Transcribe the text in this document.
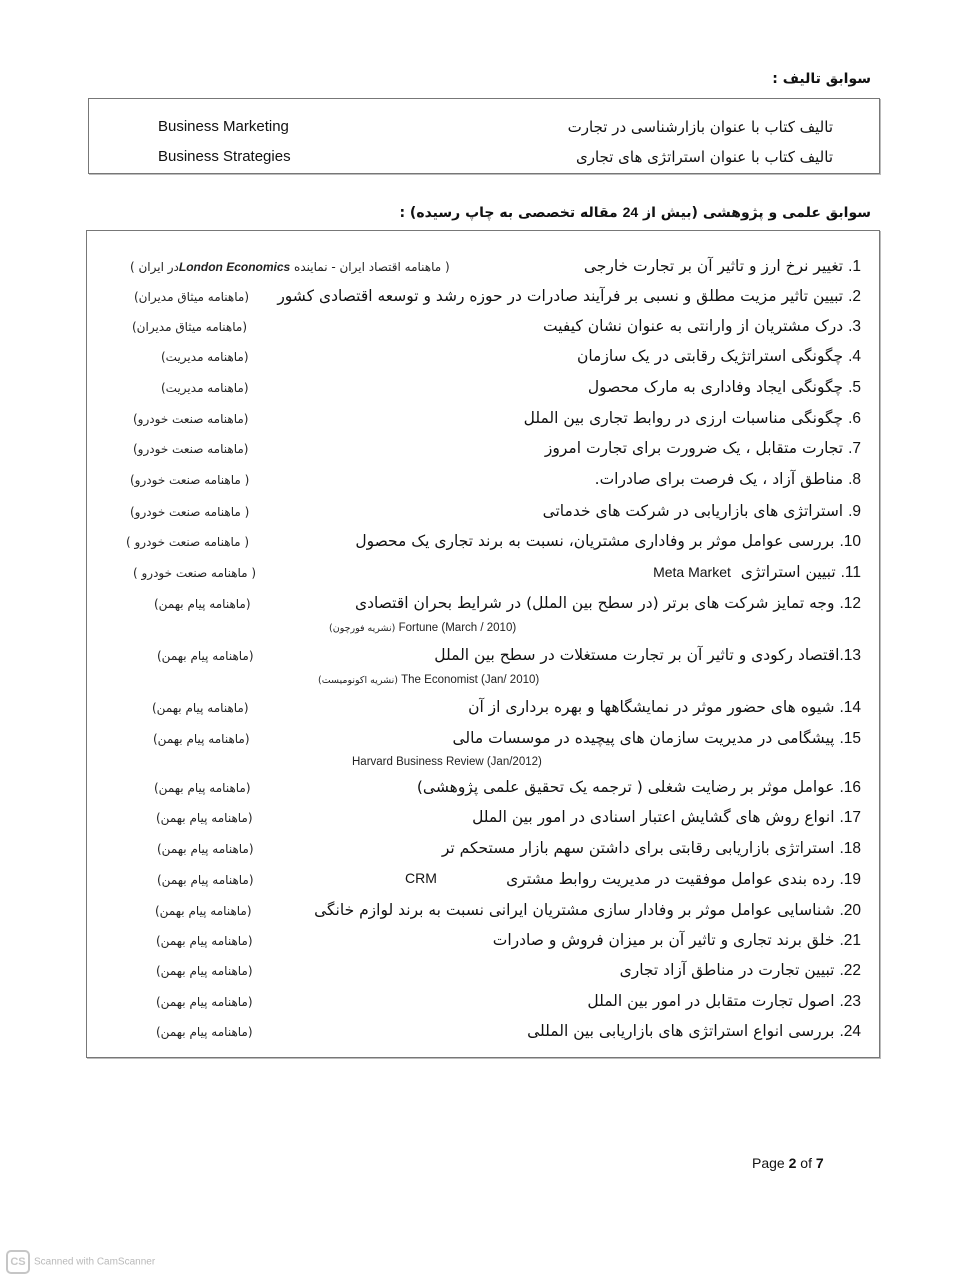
سوابق تالیف :
تالیف کتاب با عنوان بازارشناسی در تجارت
Business Marketing
تالیف کتاب با عنوان استراتژی های تجاری
Business Strategies
سوابق علمی و پژوهشی (بیش از 24 مقاله تخصصی به چاپ رسیده) :
1. تغییر نرخ ارز و تاثیر آن بر تجارت خارجی
( ماهنامه اقتصاد ایران - نماینده London Economicsدر ایران )
2. تبیین تاثیر مزیت مطلق و نسبی بر فرآیند صادرات در حوزه رشد و توسعه اقتصادی کشور
(ماهنامه میثاق مدیران)
3. درک مشتریان از وارانتی به عنوان نشان کیفیت
(ماهنامه میثاق مدیران)
4. چگونگی استراتژیک رقابتی در یک سازمان
(ماهنامه مدیریت)
5. چگونگی ایجاد وفاداری به مارک محصول
(ماهنامه مدیریت)
6. چگونگی مناسبات ارزی در روابط تجاری بین الملل
(ماهنامه صنعت خودرو)
7. تجارت متقابل ، یک ضرورت برای تجارت امروز
(ماهنامه صنعت خودرو)
8. مناطق آزاد ، یک فرصت برای صادرات.
( ماهنامه صنعت خودرو)
9. استراتژی های بازاریابی در شرکت های خدماتی
( ماهنامه صنعت خودرو)
10. بررسی عوامل موثر بر وفاداری مشتریان، نسبت به برند تجاری یک محصول
( ماهنامه صنعت خودرو )
11. تبیین استراتژی  Meta Market
( ماهنامه صنعت خودرو )
12. وجه تمایز شرکت های برتر (در سطح بین الملل) در شرایط بحران اقتصادی
(ماهنامه پیام بهمن)
(نشریه فورچون) Fortune (March / 2010)
13.اقتصاد رکودی و تاثیر آن بر تجارت مستغلات در سطح بین الملل
(ماهنامه پیام بهمن)
(نشریه اکونومیست) The Economist (Jan/ 2010)
14. شیوه های حضور موثر در نمایشگاهها و بهره برداری از آن
(ماهنامه پیام بهمن)
15. پیشگامی در مدیریت سازمان های پیچیده در موسسات مالی
(ماهنامه پیام بهمن)
Harvard Business Review (Jan/2012)
16. عوامل موثر بر رضایت شغلی ( ترجمه یک تحقیق علمی پژوهشی)
(ماهنامه پیام بهمن)
17. انواع روش های گشایش اعتبار اسنادی در امور بین الملل
(ماهنامه پیام بهمن)
18. استراتژی بازاریابی رقابتی برای داشتن سهم بازار مستحکم تر
(ماهنامه پیام بهمن)
19. رده بندی عوامل موفقیت در مدیریت روابط مشتری
CRM
(ماهنامه پیام بهمن)
20. شناسایی عوامل موثر بر وفادار سازی مشتریان ایرانی نسبت به برند لوازم خانگی
(ماهنامه پیام بهمن)
21. خلق برند تجاری و تاثیر آن بر میزان فروش و صادرات
(ماهنامه پیام بهمن)
22. تبیین تجارت در مناطق آزاد تجاری
(ماهنامه پیام بهمن)
23. اصول تجارت متقابل در امور بین الملل
(ماهنامه پیام بهمن)
24. بررسی انواع استراتژی های بازاریابی بین المللی
(ماهنامه پیام بهمن)
Page 2 of 7
CS Scanned with CamScanner
